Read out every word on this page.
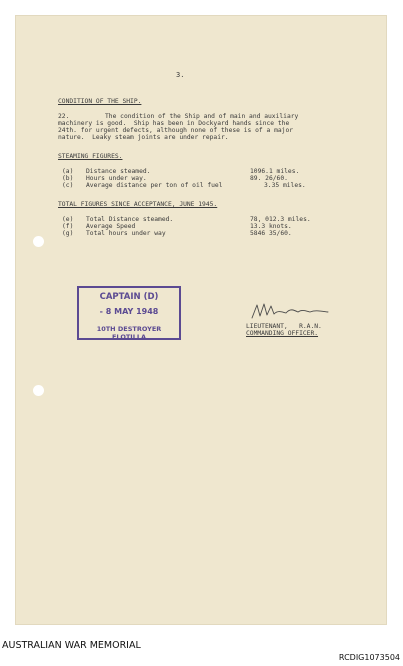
3.
CONDITION OF THE SHIP.
22.	The condition of the Ship and of main and auxiliary
machinery is good.  Ship has been in Dockyard hands since the
24th. for urgent defects, although none of these is of a major
nature.  Leaky steam joints are under repair.
STEAMING FIGURES.
(a) Distance steamed.	1096.1 miles.
(b) Hours under way.	89. 26/60.
(c) Average distance per ton of oil fuel	3.35 miles.
TOTAL FIGURES SINCE ACCEPTANCE, JUNE 1945.
(e) Total Distance steamed.	78, 012.3 miles.
(f) Average Speed	13.3 knots.
(g) Total hours under way	5846 35/60.
CAPTAIN (D)
- 8 MAY 1948
10TH DESTROYER FLOTILLA
LIEUTENANT,   R.A.N.
COMMANDING OFFICER.
AUSTRALIAN WAR MEMORIAL
RCDIG1073504
